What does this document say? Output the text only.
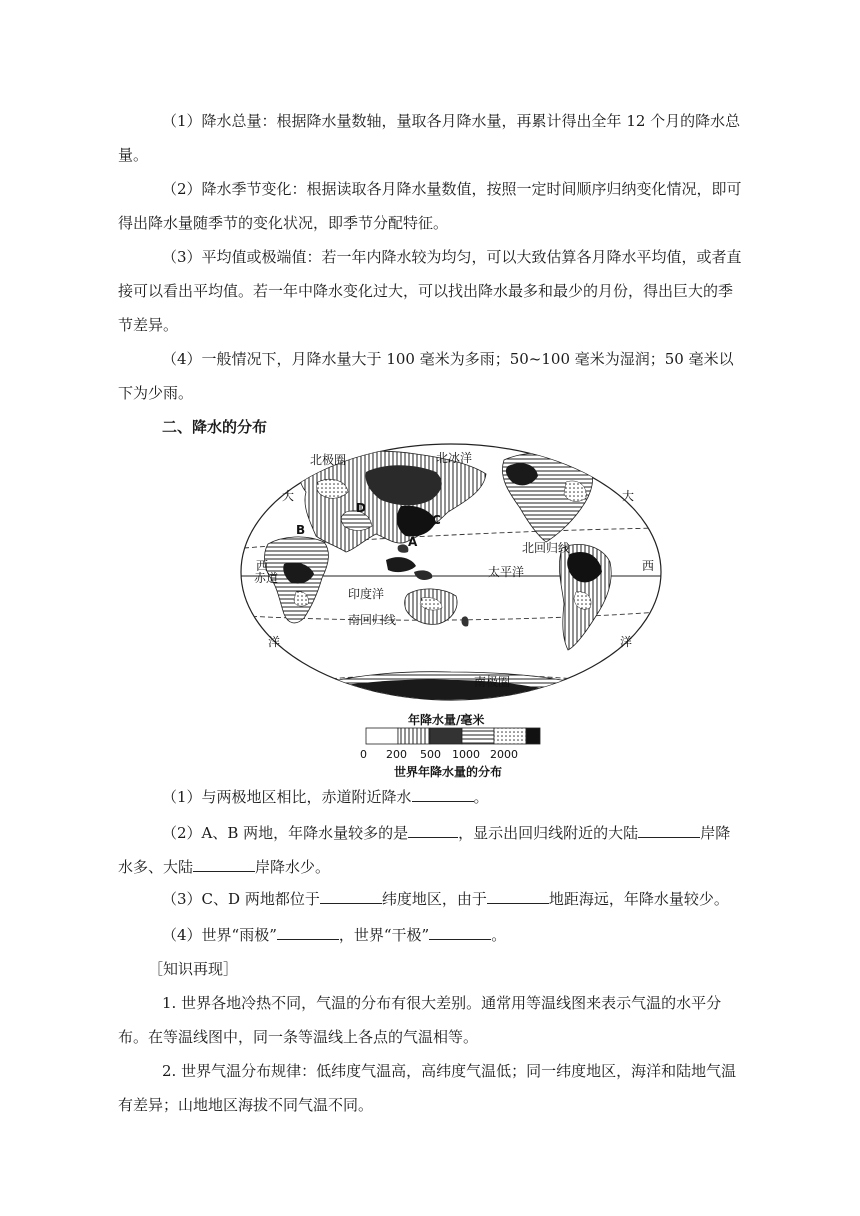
（1）降水总量：根据降水量数轴，量取各月降水量，再累计得出全年 12 个月的降水总量。

（2）降水季节变化：根据读取各月降水量数值，按照一定时间顺序归纳变化情况，即可得出降水量随季节的变化状况，即季节分配特征。

（3）平均值或极端值：若一年内降水较为均匀，可以大致估算各月降水平均值，或者直接可以看出平均值。若一年中降水变化过大，可以找出降水最多和最少的月份，得出巨大的季节差异。

（4）一般情况下，月降水量大于 100 毫米为多雨；50~100 毫米为湿润；50 毫米以下为少雨。

二、降水的分布

北极圈	北冰洋
大	大
北回归线
太平洋
赤道
西	西
印度洋
南回归线
洋	洋
南极圈
A
B
C
D
年降水量/毫米
0 200 500 1000 2000
世界年降水量的分布

（1）与两极地区相比，赤道附近降水	。

（2）A、B 两地，年降水量较多的是	，显示出回归线附近的大陆	岸降水多、大陆	岸降水少。

（3）C、D 两地都位于	纬度地区，由于	地距海远，年降水量较少。

（4）世界“雨极”	，世界“干极”	。

［知识再现］

1. 世界各地冷热不同，气温的分布有很大差别。通常用等温线图来表示气温的水平分布。在等温线图中，同一条等温线上各点的气温相等。

2. 世界气温分布规律：低纬度气温高，高纬度气温低；同一纬度地区，海洋和陆地气温有差异；山地地区海拔不同气温不同。
